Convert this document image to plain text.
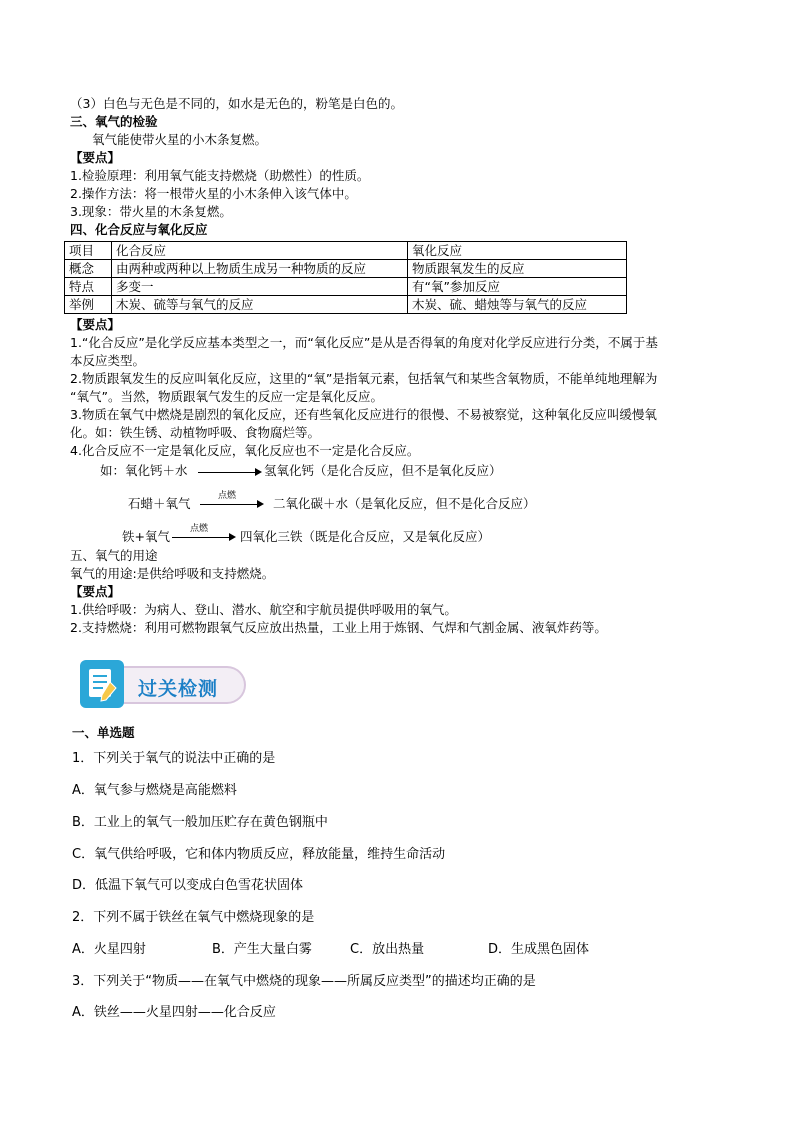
（3）白色与无色是不同的，如水是无色的，粉笔是白色的。
三、氧气的检验
氧气能使带火星的小木条复燃。
【要点】
1.检验原理：利用氧气能支持燃烧（助燃性）的性质。
2.操作方法：将一根带火星的小木条伸入该气体中。
3.现象：带火星的木条复燃。
四、化合反应与氧化反应
项目	化合反应	氧化反应
概念	由两种或两种以上物质生成另一种物质的反应	物质跟氧发生的反应
特点	多变一	有“氧”参加反应
举例	木炭、硫等与氧气的反应	木炭、硫、蜡烛等与氧气的反应
【要点】
1.“化合反应”是化学反应基本类型之一，而“氧化反应”是从是否得氧的角度对化学反应进行分类，不属于基
本反应类型。
2.物质跟氧发生的反应叫氧化反应，这里的“氧”是指氧元素，包括氧气和某些含氧物质，不能单纯地理解为
“氧气”。当然，物质跟氧气发生的反应一定是氧化反应。
3.物质在氧气中燃烧是剧烈的氧化反应，还有些氧化反应进行的很慢、不易被察觉，这种氧化反应叫缓慢氧
化。如：铁生锈、动植物呼吸、食物腐烂等。
4.化合反应不一定是氧化反应，氧化反应也不一定是化合反应。
如：氧化钙＋水 → 氢氧化钙（是化合反应，但不是氧化反应）
石蜡＋氧气	点燃 → 二氧化碳＋水（是氧化反应，但不是化合反应）
铁+氧气 点燃 → 四氧化三铁（既是化合反应，又是氧化反应）
五、氧气的用途
氧气的用途:是供给呼吸和支持燃烧。
【要点】
1.供给呼吸：为病人、登山、潜水、航空和宇航员提供呼吸用的氧气。
2.支持燃烧：利用可燃物跟氧气反应放出热量，工业上用于炼钢、气焊和气割金属、液氧炸药等。
过关检测
一、单选题
1．下列关于氧气的说法中正确的是
A．氧气参与燃烧是高能燃料
B．工业上的氧气一般加压贮存在黄色钢瓶中
C．氧气供给呼吸，它和体内物质反应，释放能量，维持生命活动
D．低温下氧气可以变成白色雪花状固体
2．下列不属于铁丝在氧气中燃烧现象的是
A．火星四射	B．产生大量白雾	C．放出热量	D．生成黑色固体
3．下列关于“物质——在氧气中燃烧的现象——所属反应类型”的描述均正确的是
A．铁丝——火星四射——化合反应
